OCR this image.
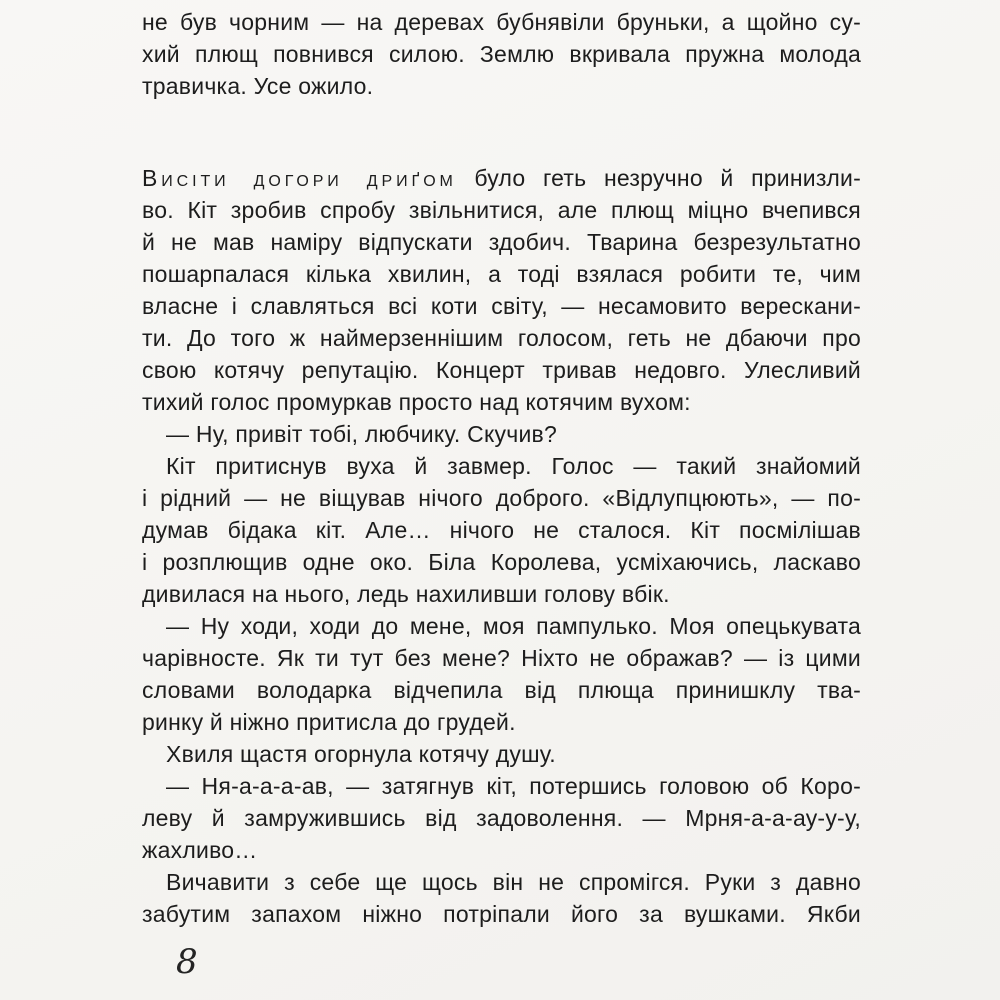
не був чорним — на деревах бубнявіли бруньки, а щойно су-
хий плющ повнився силою. Землю вкривала пружна молода
травичка. Усе ожило.
Висіти догори дриґом було геть незручно й принизли-
во. Кіт зробив спробу звільнитися, але плющ міцно вчепився
й не мав наміру відпускати здобич. Тварина безрезультатно
пошарпалася кілька хвилин, а тоді взялася робити те, чим
власне і славляться всі коти світу, — несамовито верескани-
ти. До того ж наймерзеннішим голосом, геть не дбаючи про
свою котячу репутацію. Концерт тривав недовго. Улесливий
тихий голос промуркав просто над котячим вухом:
— Ну, привіт тобі, любчику. Скучив?
Кіт притиснув вуха й завмер. Голос — такий знайомий
і рідний — не віщував нічого доброго. «Відлупцюють», — по-
думав бідака кіт. Але… нічого не сталося. Кіт посмілішав
і розплющив одне око. Біла Королева, усміхаючись, ласкаво
дивилася на нього, ледь нахиливши голову вбік.
— Ну ходи, ходи до мене, моя пампулько. Моя опецькувата
чарівносте. Як ти тут без мене? Ніхто не ображав? — із цими
словами володарка відчепила від плюща принишклу тва-
ринку й ніжно притисла до грудей.
Хвиля щастя огорнула котячу душу.
— Ня-а-а-а-ав, — затягнув кіт, потершись головою об Коро-
леву й замружившись від задоволення. — Мрня-а-а-ау-у-у,
жахливо…
Вичавити з себе ще щось він не спромігся. Руки з давно
забутим запахом ніжно потріпали його за вушками. Якби
8
